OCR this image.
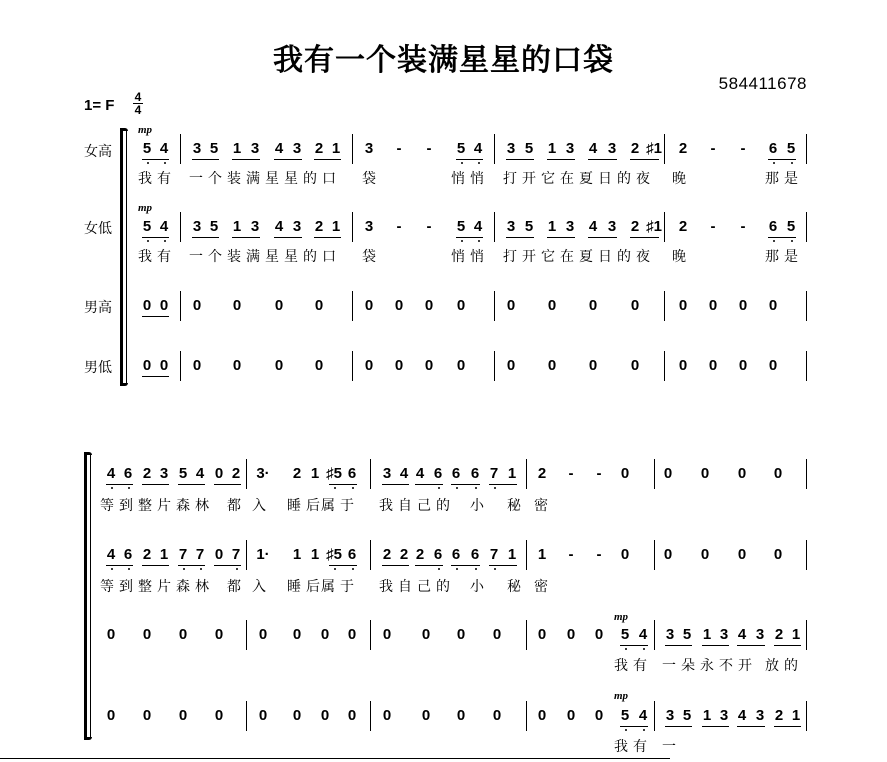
我有一个装满星星的口袋
584411678
1= F 4
4
女高
女低
男高
男低
mp
mp
mp
mp
5 4	3 5 1 3	4 3 2 1	3	-	-	5 4	3 5 1 3 4 3 2 ♯1	2	-	-	6 5
我有 一个装满星星的口 袋	悄悄 打开它在夏日的夜 晚	那是
5 4	3 5 1 3	4 3 2 1	3	-	-	5 4	3 5 1 3 4 3 2 ♯1	2	-	-	6 5
我有 一个装满星星的口 袋	悄悄 打开它在夏日的夜 晚	那是
0 0	0	0	0	0	0	0	0	0	0	0	0	0	0	0	0	0
0 0	0	0	0	0	0	0	0	0	0	0	0	0	0	0	0	0
4 6 2 3 5 4 0 2	3·	2 1 ♯5 6	3 4 4 6 6 6 7 1	2	-	-	0	0	0	0	0
等到整片森林 都 入 睡后
属于 我自己的 小 秘 密
4 6 2 1 7 7 0 7	1·	1 1 ♯5 6	2 2 2 6 6 6 7 1	1	-	-	0	0	0	0	0
等到整片森林 都 入 睡后
属于 我自己的 小 秘 密
0	0	0	0	0	0	0	0	0	0	0	0	0	0	0	5 4	3 5 1 3 4 3 2 1
0	0	0	0	0	0	0	0	0	0	0	0	0	0	0	5 4	3 5 1 3 4 3 2 1
我有 一朵永不开 放的
我有 一
